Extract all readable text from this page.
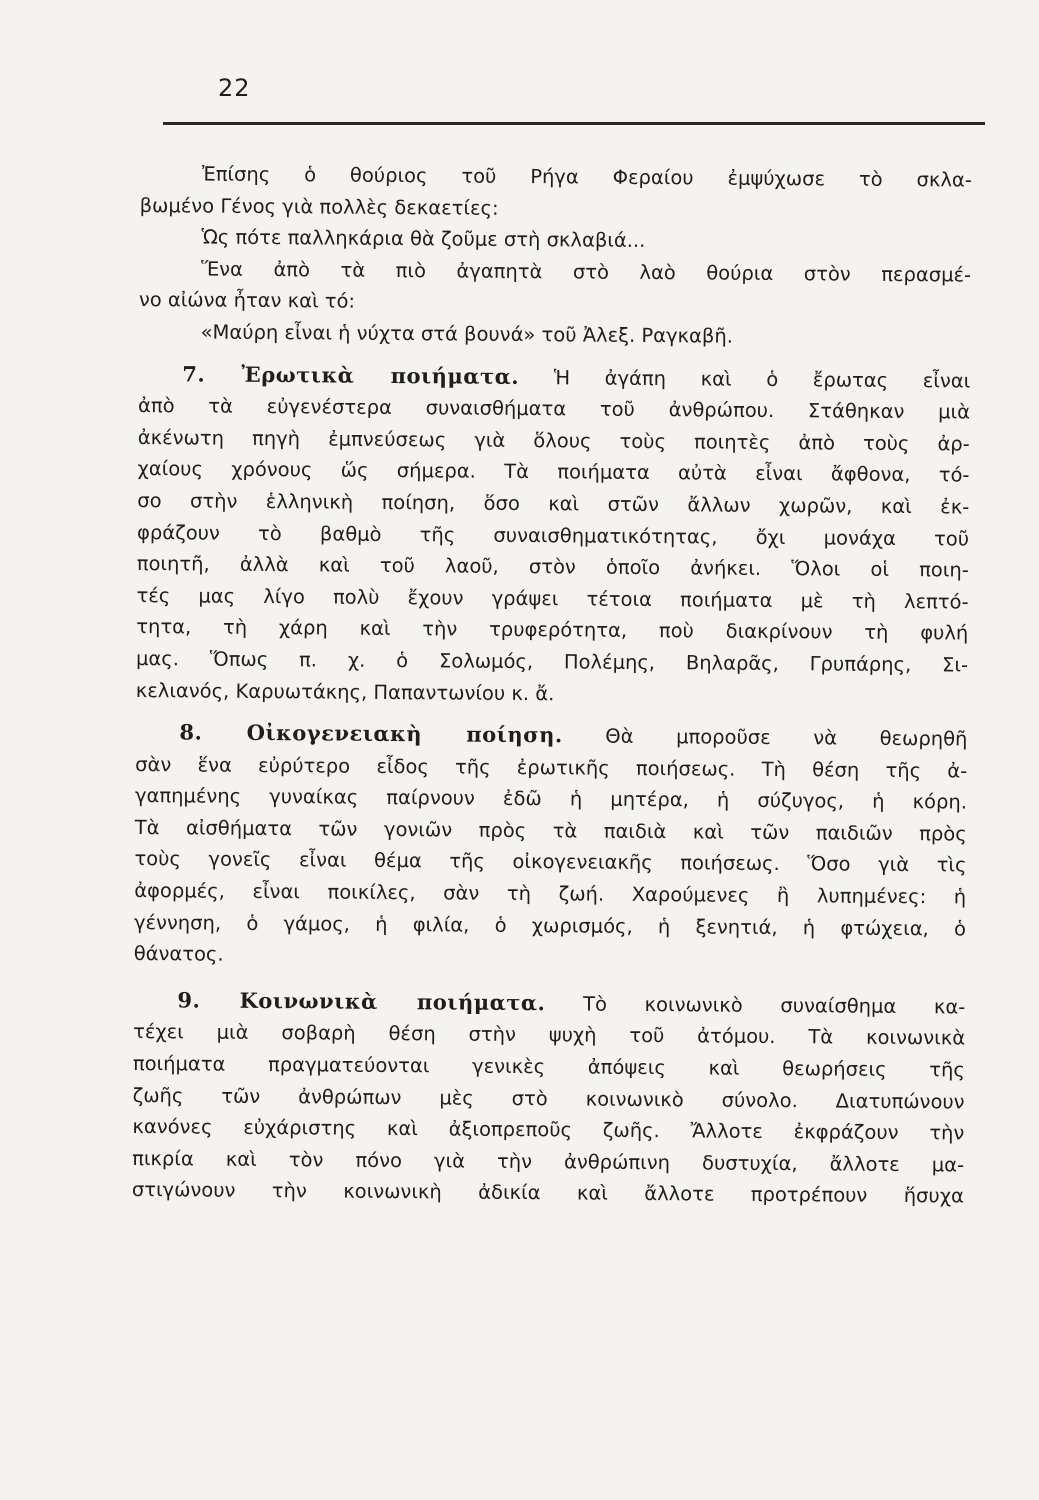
22
Ἐπίσης ὁ θούριος τοῦ Ρήγα Φεραίου ἐμψύχωσε τὸ σκλα-
βωμένο Γένος γιὰ πολλὲς δεκαετίες:
Ὡς πότε παλληκάρια θὰ ζοῦμε στὴ σκλαβιά...
Ἕνα ἀπὸ τὰ πιὸ ἀγαπητὰ στὸ λαὸ θούρια στὸν περασμέ-
νο αἰώνα ἦταν καὶ τό:
«Μαύρη εἶναι ἡ νύχτα στά βουνά» τοῦ Ἀλεξ. Ραγκαβῆ.
7. Ἐρωτικὰ ποιήματα. Ἡ ἀγάπη καὶ ὁ ἔρωτας εἶναι
ἀπὸ τὰ εὐγενέστερα συναισθήματα τοῦ ἀνθρώπου. Στάθηκαν μιὰ
ἀκένωτη πηγὴ ἐμπνεύσεως γιὰ ὅλους τοὺς ποιητὲς ἀπὸ τοὺς ἀρ-
χαίους χρόνους ὥς σήμερα. Τὰ ποιήματα αὐτὰ εἶναι ἄφθονα, τό-
σο στὴν ἑλληνικὴ ποίηση, ὅσο καὶ στῶν ἄλλων χωρῶν, καὶ ἐκ-
φράζουν τὸ βαθμὸ τῆς συναισθηματικότητας, ὄχι μονάχα τοῦ
ποιητῆ, ἀλλὰ καὶ τοῦ λαοῦ, στὸν ὁποῖο ἀνήκει. Ὅλοι οἱ ποιη-
τές μας λίγο πολὺ ἔχουν γράψει τέτοια ποιήματα μὲ τὴ λεπτό-
τητα, τὴ χάρη καὶ τὴν τρυφερότητα, ποὺ διακρίνουν τὴ φυλή
μας. Ὅπως π. χ. ὁ Σολωμός, Πολέμης, Βηλαρᾶς, Γρυπάρης, Σι-
κελιανός, Καρυωτάκης, Παπαντωνίου κ. ἄ.
8. Οἰκογενειακὴ ποίηση. Θὰ μποροῦσε νὰ θεωρηθῆ
σὰν ἕνα εὐρύτερο εἶδος τῆς ἐρωτικῆς ποιήσεως. Τὴ θέση τῆς ἀ-
γαπημένης γυναίκας παίρνουν ἐδῶ ἡ μητέρα, ἡ σύζυγος, ἡ κόρη.
Τὰ αἰσθήματα τῶν γονιῶν πρὸς τὰ παιδιὰ καὶ τῶν παιδιῶν πρὸς
τοὺς γονεῖς εἶναι θέμα τῆς οἰκογενειακῆς ποιήσεως. Ὅσο γιὰ τὶς
ἀφορμές, εἶναι ποικίλες, σὰν τὴ ζωή. Χαρούμενες ἢ λυπημένες: ἡ
γέννηση, ὁ γάμος, ἡ φιλία, ὁ χωρισμός, ἡ ξενητιά, ἡ φτώχεια, ὁ
θάνατος.
9. Κοινωνικὰ ποιήματα. Τὸ κοινωνικὸ συναίσθημα κα-
τέχει μιὰ σοβαρὴ θέση στὴν ψυχὴ τοῦ ἀτόμου. Τὰ κοινωνικὰ
ποιήματα πραγματεύονται γενικὲς ἀπόψεις καὶ θεωρήσεις τῆς
ζωῆς τῶν ἀνθρώπων μὲς στὸ κοινωνικὸ σύνολο. Διατυπώνουν
κανόνες εὐχάριστης καὶ ἀξιοπρεποῦς ζωῆς. Ἄλλοτε ἐκφράζουν τὴν
πικρία καὶ τὸν πόνο γιὰ τὴν ἀνθρώπινη δυστυχία, ἄλλοτε μα-
στιγώνουν τὴν κοινωνικὴ ἀδικία καὶ ἄλλοτε προτρέπουν ἥσυχα
